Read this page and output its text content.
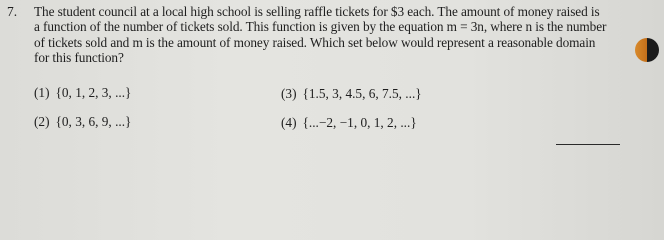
7. The student council at a local high school is selling raffle tickets for $3 each. The amount of money raised is
a function of the number of tickets sold. This function is given by the equation m = 3n, where n is the number
of tickets sold and m is the amount of money raised. Which set below would represent a reasonable domain
for this function?
(1) {0, 1, 2, 3, ...}
(2) {0, 3, 6, 9, ...}
(3) {1.5, 3, 4.5, 6, 7.5, ...}
(4) {...−2, −1, 0, 1, 2, ...}
